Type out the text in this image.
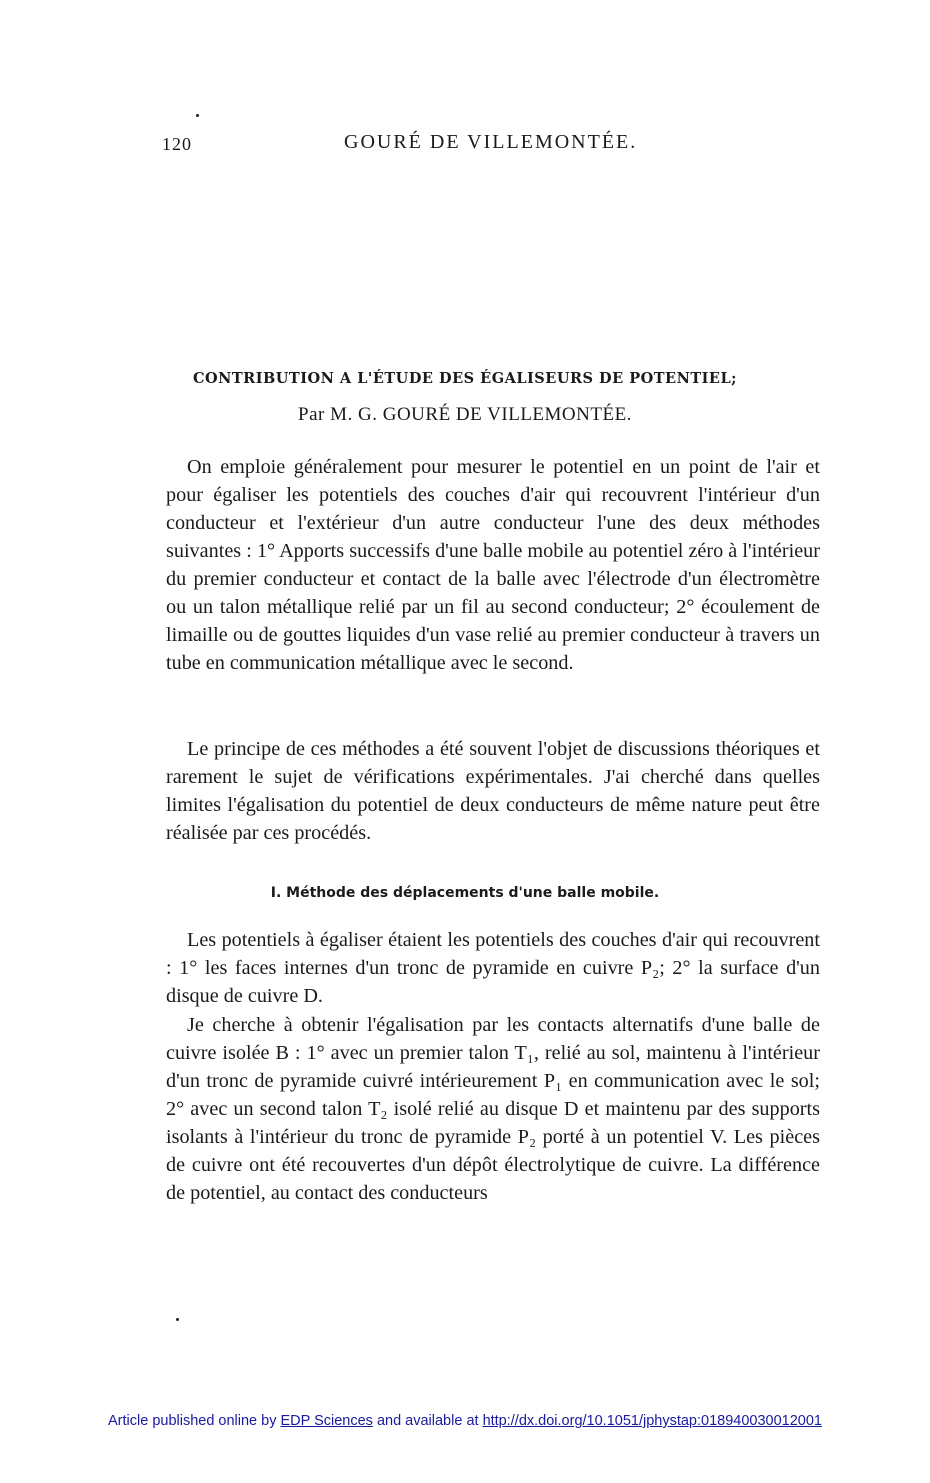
120	GOURÉ DE VILLEMONTÉE.
CONTRIBUTION A L'ÉTUDE DES ÉGALISEURS DE POTENTIEL;
Par M. G. GOURÉ DE VILLEMONTÉE.

On emploie généralement pour mesurer le potentiel en un point de l'air et pour égaliser les potentiels des couches d'air qui recouvrent l'intérieur d'un conducteur et l'extérieur d'un autre conducteur l'une des deux méthodes suivantes : 1° Apports successifs d'une balle mobile au potentiel zéro à l'intérieur du premier conducteur et contact de la balle avec l'électrode d'un électromètre ou un talon métallique relié par un fil au second conducteur; 2° écoulement de limaille ou de gouttes liquides d'un vase relié au premier conducteur à travers un tube en communication métallique avec le second.

Le principe de ces méthodes a été souvent l'objet de discussions théoriques et rarement le sujet de vérifications expérimentales. J'ai cherché dans quelles limites l'égalisation du potentiel de deux conducteurs de même nature peut être réalisée par ces procédés.

I. Méthode des déplacements d'une balle mobile.

Les potentiels à égaliser étaient les potentiels des couches d'air qui recouvrent : 1° les faces internes d'un tronc de pyramide en cuivre P₂; 2° la surface d'un disque de cuivre D.

Je cherche à obtenir l'égalisation par les contacts alternatifs d'une balle de cuivre isolée B : 1° avec un premier talon T₁, relié au sol, maintenu à l'intérieur d'un tronc de pyramide cuivré intérieurement P₁ en communication avec le sol; 2° avec un second talon T₂ isolé relié au disque D et maintenu par des supports isolants à l'intérieur du tronc de pyramide P₂ porté à un potentiel V. Les pièces de cuivre ont été recouvertes d'un dépôt électrolytique de cuivre. La différence de potentiel, au contact des conducteurs

Article published online by EDP Sciences and available at http://dx.doi.org/10.1051/jphystap:018940030012001
